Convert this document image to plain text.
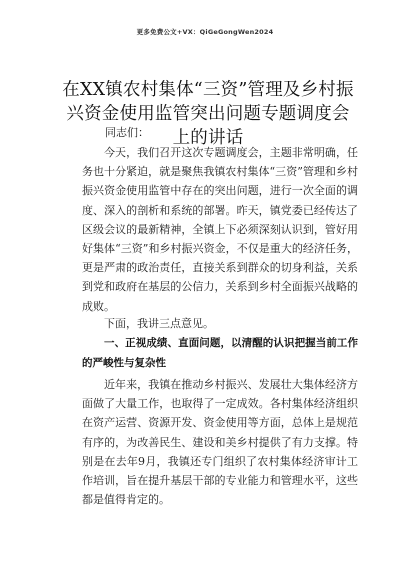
更多免费公文+VX：QiGeGongWen2024
在XX镇农村集体“三资”管理及乡村振兴资金使用监管突出问题专题调度会上的讲话
同志们：
今天，我们召开这次专题调度会，主题非常明确，任务也十分紧迫，就是聚焦我镇农村集体“三资”管理和乡村振兴资金使用监管中存在的突出问题，进行一次全面的调度、深入的剖析和系统的部署。昨天，镇党委已经传达了区级会议的最新精神，全镇上下必须深刻认识到，管好用好集体“三资”和乡村振兴资金，不仅是重大的经济任务，更是严肃的政治责任，直接关系到群众的切身利益，关系到党和政府在基层的公信力，关系到乡村全面振兴战略的成败。
下面，我讲三点意见。
一、正视成绩、直面问题，以清醒的认识把握当前工作的严峻性与复杂性
近年来，我镇在推动乡村振兴、发展壮大集体经济方面做了大量工作，也取得了一定成效。各村集体经济组织在资产运营、资源开发、资金使用等方面，总体上是规范有序的，为改善民生、建设和美乡村提供了有力支撑。特别是在去年9月，我镇还专门组织了农村集体经济审计工作培训，旨在提升基层干部的专业能力和管理水平，这些都是值得肯定的。
